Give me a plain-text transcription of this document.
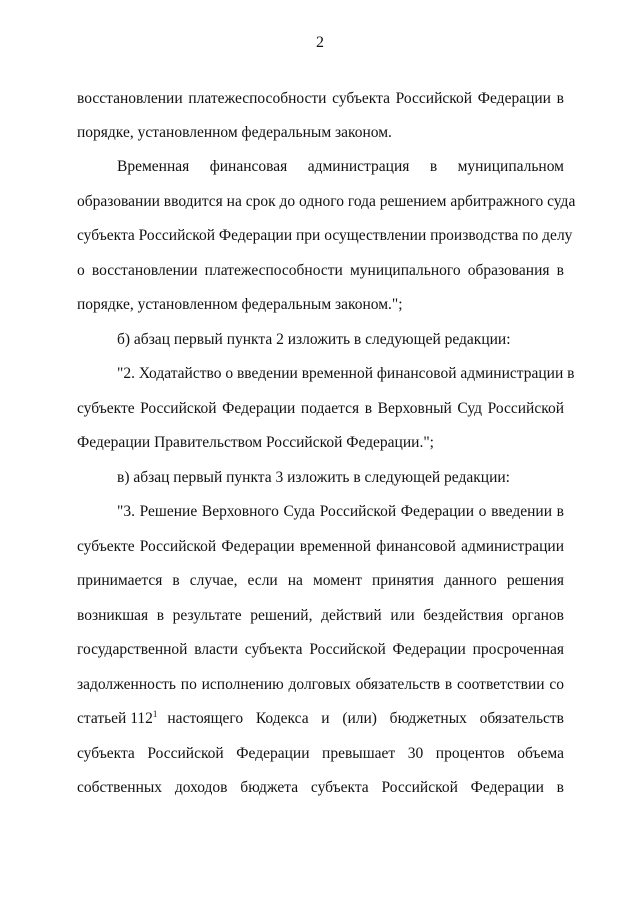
2
восстановлении платежеспособности субъекта Российской Федерации в
порядке, установленном федеральным законом.
Временная финансовая администрация в муниципальном
образовании вводится на срок до одного года решением арбитражного суда
субъекта Российской Федерации при осуществлении производства по делу
о восстановлении платежеспособности муниципального образования в
порядке, установленном федеральным законом.";
б) абзац первый пункта 2 изложить в следующей редакции:
"2. Ходатайство о введении временной финансовой администрации в
субъекте Российской Федерации подается в Верховный Суд Российской
Федерации Правительством Российской Федерации.";
в) абзац первый пункта 3 изложить в следующей редакции:
"3. Решение Верховного Суда Российской Федерации о введении в
субъекте Российской Федерации временной финансовой администрации
принимается в случае, если на момент принятия данного решения
возникшая в результате решений, действий или бездействия органов
государственной власти субъекта Российской Федерации просроченная
задолженность по исполнению долговых обязательств в соответствии со
статьей $112^1$ настоящего Кодекса и (или) бюджетных обязательств
субъекта Российской Федерации превышает 30 процентов объема
собственных доходов бюджета субъекта Российской Федерации в
